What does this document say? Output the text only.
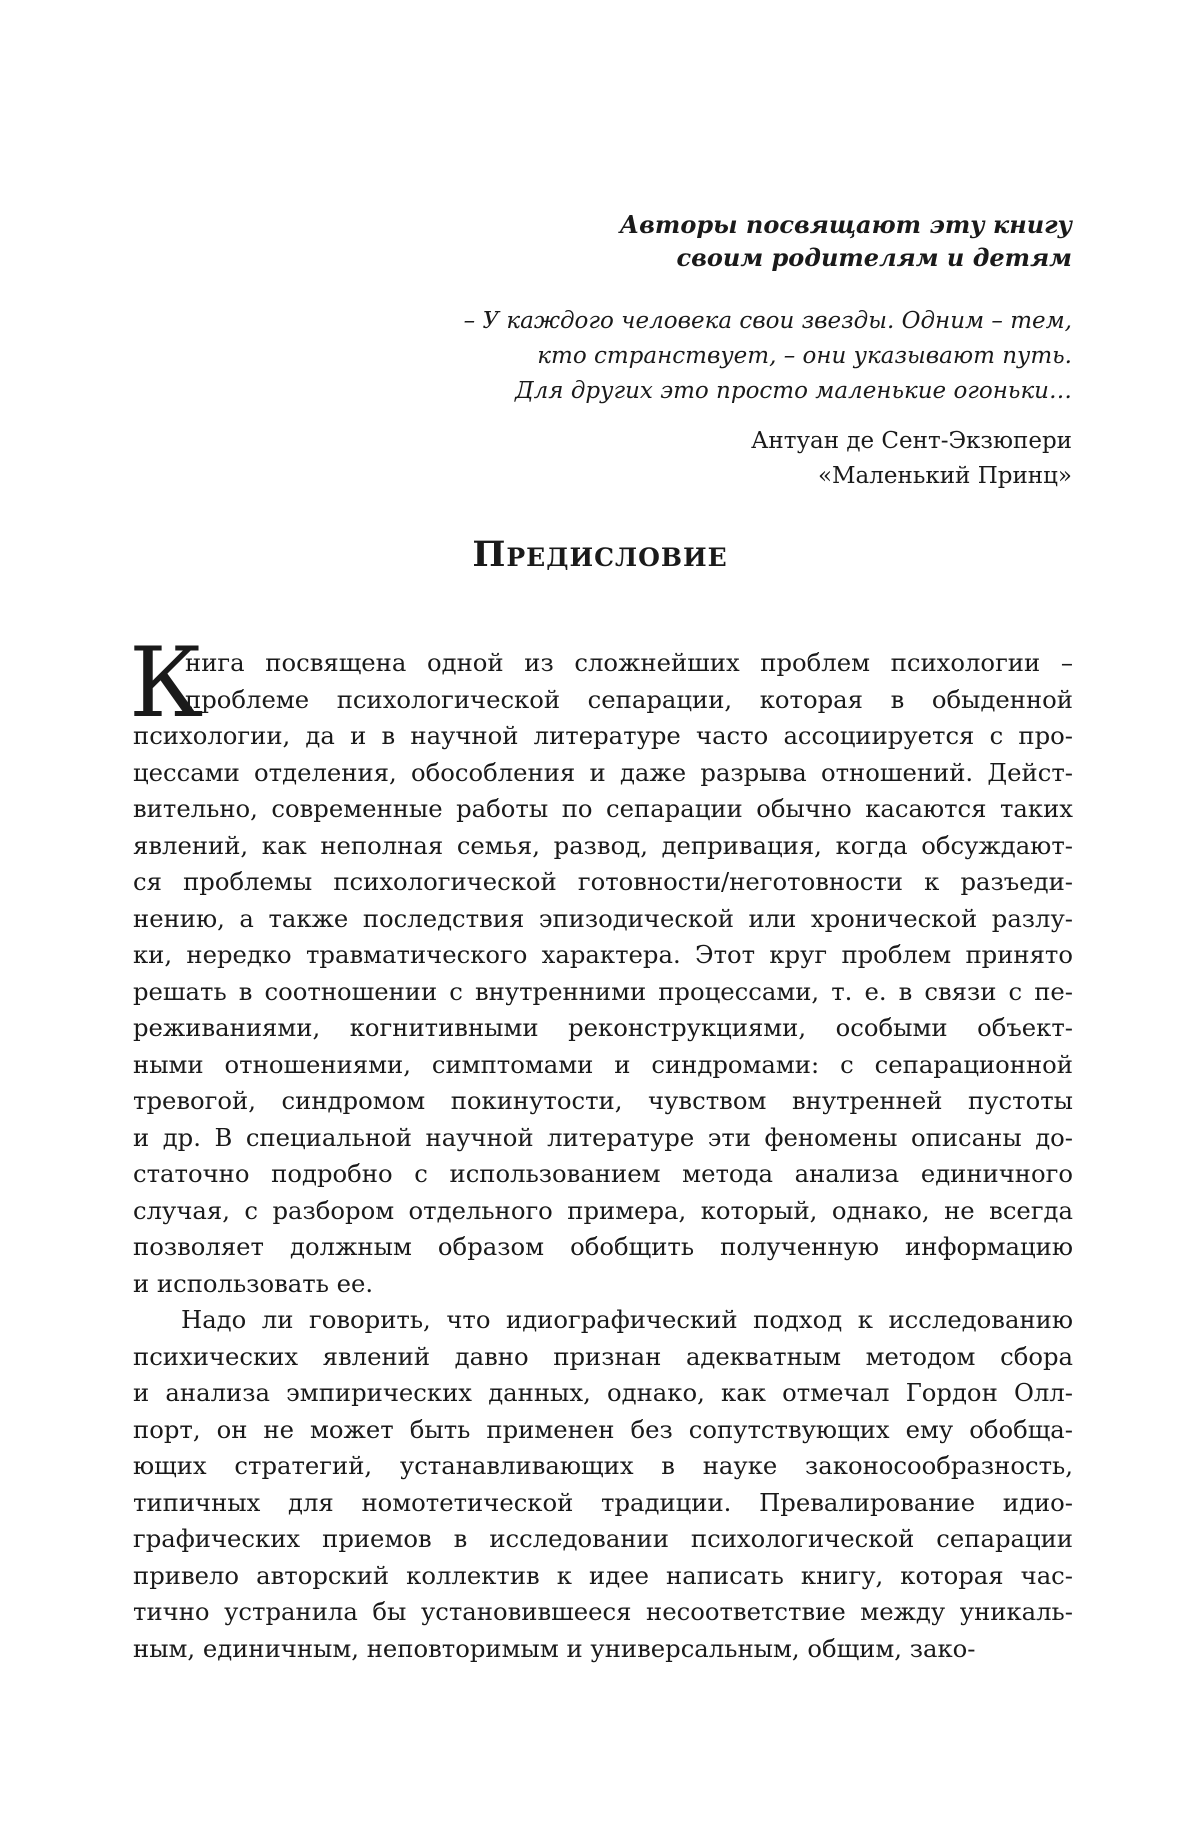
Авторы посвящают эту книгу
своим родителям и детям
– У каждого человека свои звезды. Одним – тем,
кто странствует, – они указывают путь.
Для других это просто маленькие огоньки…
Антуан де Сент-Экзюпери
«Маленький Принц»
Предисловие
К
нига посвящена одной из сложнейших проблем психологии –
проблеме психологической сепарации, которая в обыденной
психологии, да и в научной литературе часто ассоциируется с про-
цессами отделения, обособления и даже разрыва отношений. Дейст-
вительно, современные работы по сепарации обычно касаются таких
явлений, как неполная семья, развод, депривация, когда обсуждают-
ся проблемы психологической готовности/неготовности к разъеди-
нению, а также последствия эпизодической или хронической разлу-
ки, нередко травматического характера. Этот круг проблем принято
решать в соотношении с внутренними процессами, т. е. в связи с пе-
реживаниями, когнитивными реконструкциями, особыми объект-
ными отношениями, симптомами и синдромами: с сепарационной
тревогой, синдромом покинутости, чувством внутренней пустоты
и др. В специальной научной литературе эти феномены описаны до-
статочно подробно с использованием метода анализа единичного
случая, с разбором отдельного примера, который, однако, не всегда
позволяет должным образом обобщить полученную информацию
и использовать ее.
Надо ли говорить, что идиографический подход к исследованию
психических явлений давно признан адекватным методом сбора
и анализа эмпирических данных, однако, как отмечал Гордон Олл-
порт, он не может быть применен без сопутствующих ему обобща-
ющих стратегий, устанавливающих в науке законосообразность,
типичных для номотетической традиции. Превалирование идио-
графических приемов в исследовании психологической сепарации
привело авторский коллектив к идее написать книгу, которая час-
тично устранила бы установившееся несоответствие между уникаль-
ным, единичным, неповторимым и универсальным, общим, зако-
